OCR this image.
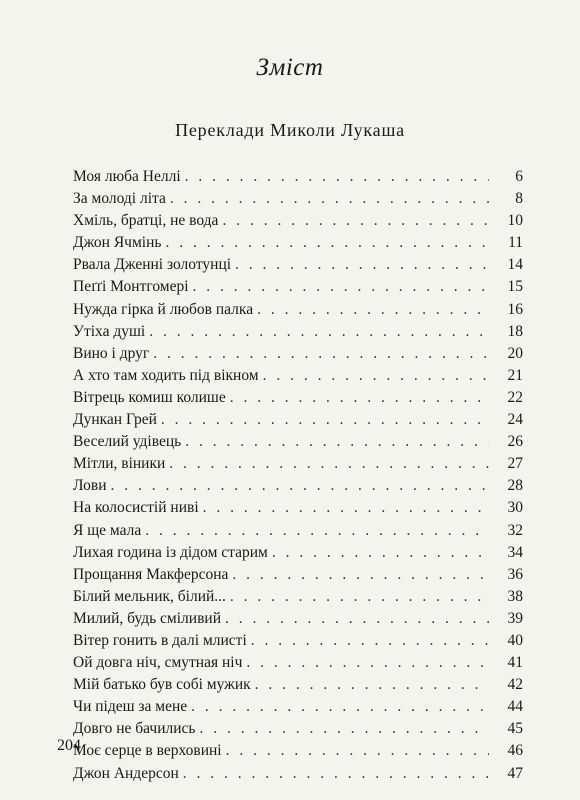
Зміст
Переклади Миколи Лукаша
Моя люба Неллі . . .	6
За молоді літа . . .	8
Хміль, братці, не вода . . .	10
Джон Ячмінь . . .	11
Рвала Дженні золотунці . . .	14
Пеґґі Монтгомері . . .	15
Нужда гірка й любов палка . . .	16
Утіха душі . . .	18
Вино і друг . . .	20
А хто там ходить під вікном . . .	21
Вітрець комиш колише . . .	22
Дункан Грей . . .	24
Веселий удівець . . .	26
Мітли, віники . . .	27
Лови . . .	28
На колосистій ниві . . .	30
Я ще мала . . .	32
Лихая година із дідом старим . . .	34
Прощання Макферсона . . .	36
Білий мельник, білий... . . .	38
Милий, будь сміливий . . .	39
Вітер гонить в далі млисті . . .	40
Ой довга ніч, смутная ніч . . .	41
Мій батько був собі мужик . . .	42
Чи підеш за мене . . .	44
Довго не бачились . . .	45
Моє серце в верховині . . .	46
Джон Андерсон . . .	47
204
